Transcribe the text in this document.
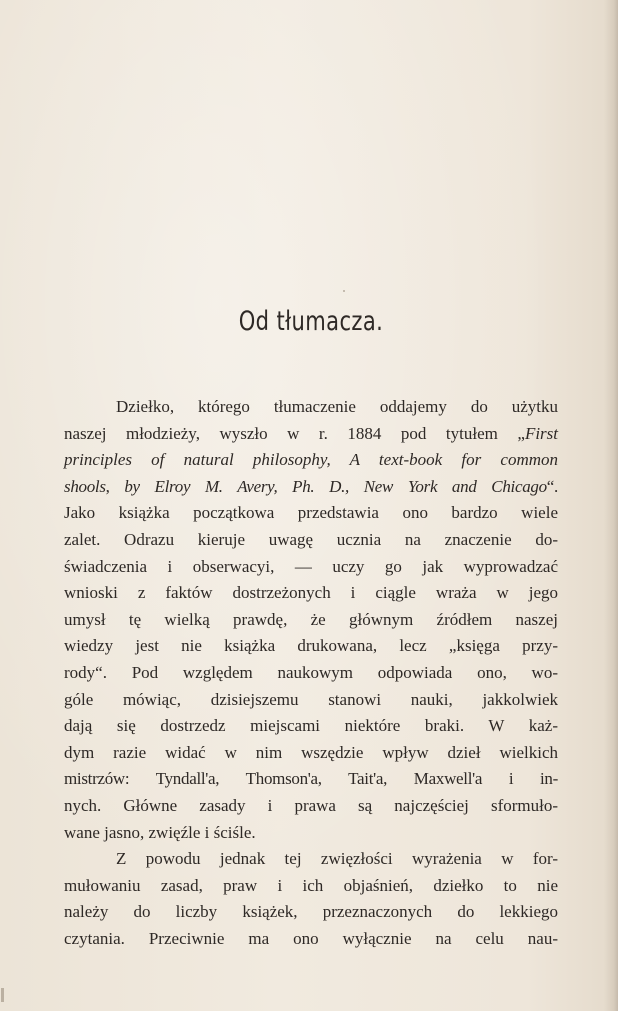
Od tłumacza.
Dziełko, którego tłumaczenie oddajemy do użytku
naszej młodzieży, wyszło w r. 1884 pod tytułem „First
principles of natural philosophy, A text-book for common
shools, by Elroy M. Avery, Ph. D., New York and Chicago“.
Jako książka początkowa przedstawia ono bardzo wiele
zalet. Odrazu kieruje uwagę ucznia na znaczenie do-
świadczenia i obserwacyi, — uczy go jak wyprowadzać
wnioski z faktów dostrzeżonych i ciągle wraża w jego
umysł tę wielką prawdę, że głównym źródłem naszej
wiedzy jest nie książka drukowana, lecz „księga przy-
rody“. Pod względem naukowym odpowiada ono, wo-
góle mówiąc, dzisiejszemu stanowi nauki, jakkolwiek
dają się dostrzedz miejscami niektóre braki. W każ-
dym razie widać w nim wszędzie wpływ dzieł wielkich
mistrzów: Tyndall'a, Thomson'a, Tait'a, Maxwell'a i in-
nych. Główne zasady i prawa są najczęściej sformuło-
wane jasno, zwięźle i ściśle.
Z powodu jednak tej zwięzłości wyrażenia w for-
mułowaniu zasad, praw i ich objaśnień, dziełko to nie
należy do liczby książek, przeznaczonych do lekkiego
czytania. Przeciwnie ma ono wyłącznie na celu nau-
